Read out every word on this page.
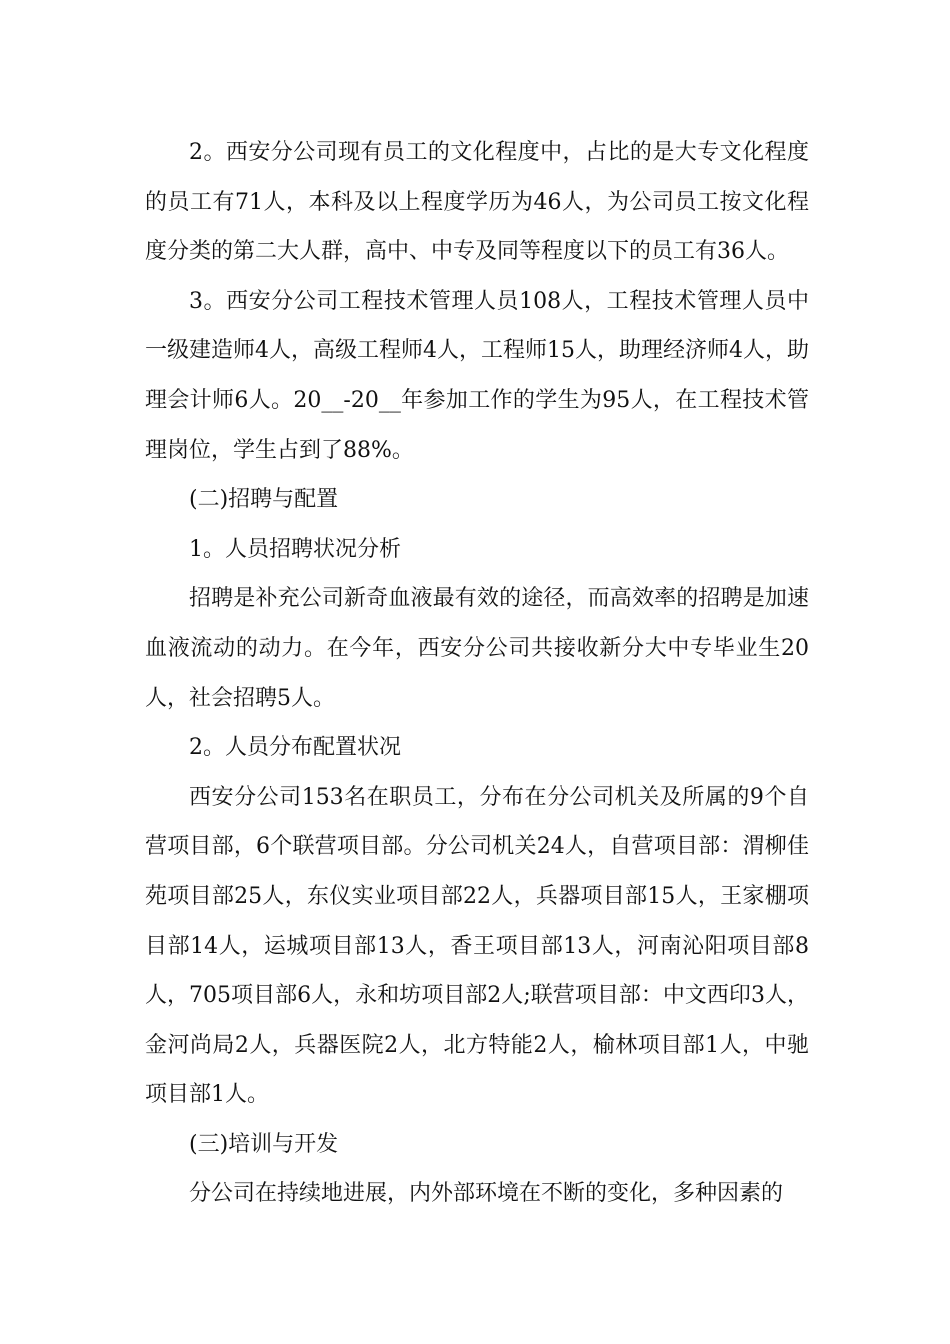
2。西安分公司现有员工的文化程度中，占比的是大专文化程度的员工有71人，本科及以上程度学历为46人，为公司员工按文化程度分类的第二大人群，高中、中专及同等程度以下的员工有36人。

3。西安分公司工程技术管理人员108人，工程技术管理人员中一级建造师4人，高级工程师4人，工程师15人，助理经济师4人，助理会计师6人。20__-20__年参加工作的学生为95人，在工程技术管理岗位，学生占到了88%。

(二)招聘与配置

1。人员招聘状况分析

招聘是补充公司新奇血液最有效的途径，而高效率的招聘是加速血液流动的动力。在今年，西安分公司共接收新分大中专毕业生20人，社会招聘5人。

2。人员分布配置状况

西安分公司153名在职员工，分布在分公司机关及所属的9个自营项目部，6个联营项目部。分公司机关24人，自营项目部：渭柳佳苑项目部25人，东仪实业项目部22人，兵器项目部15人，王家棚项目部14人，运城项目部13人，香王项目部13人，河南沁阳项目部8人，705项目部6人，永和坊项目部2人;联营项目部：中文西印3人，金河尚局2人，兵器医院2人，北方特能2人，榆林项目部1人，中驰项目部1人。

(三)培训与开发

分公司在持续地进展，内外部环境在不断的变化，多种因素的
